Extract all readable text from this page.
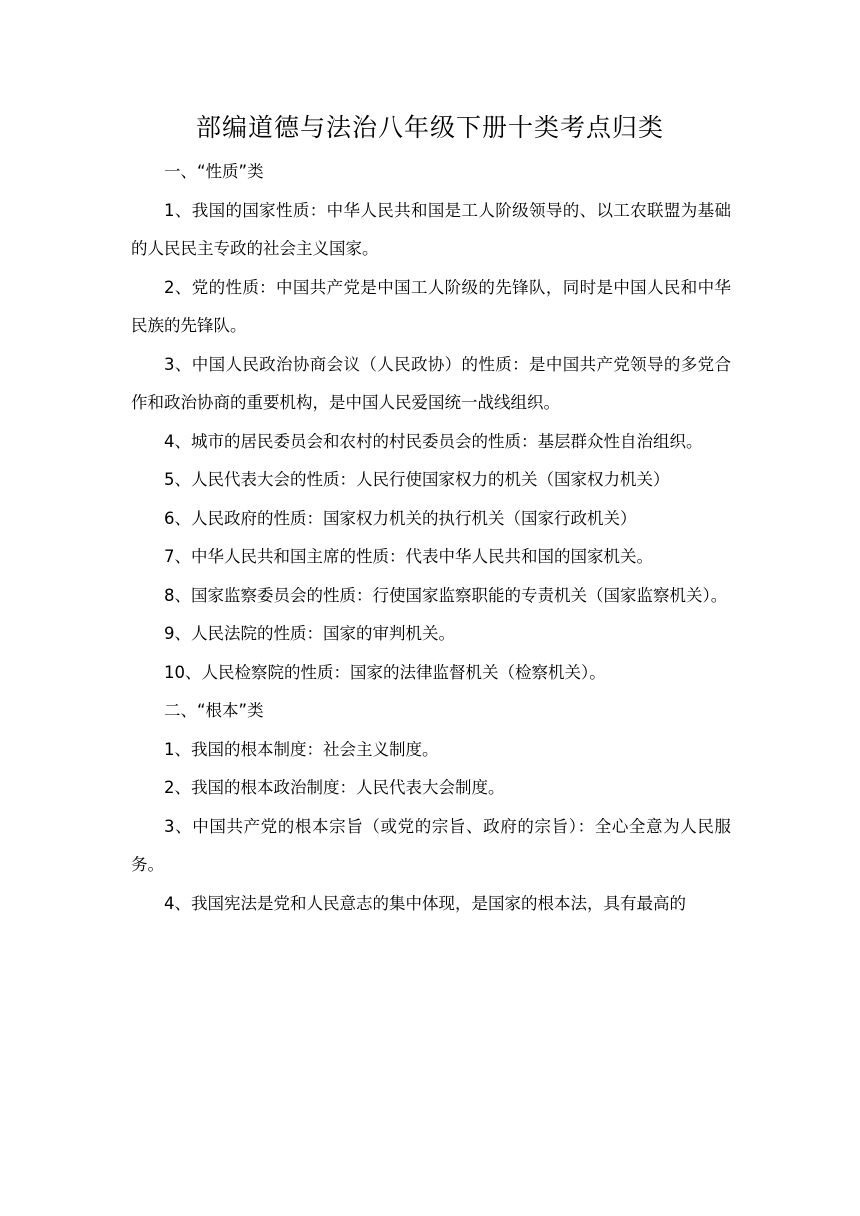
部编道德与法治八年级下册十类考点归类

一、“性质”类

1、我国的国家性质：中华人民共和国是工人阶级领导的、以工农联盟为基础的人民民主专政的社会主义国家。

2、党的性质：中国共产党是中国工人阶级的先锋队，同时是中国人民和中华民族的先锋队。

3、中国人民政治协商会议（人民政协）的性质：是中国共产党领导的多党合作和政治协商的重要机构，是中国人民爱国统一战线组织。

4、城市的居民委员会和农村的村民委员会的性质：基层群众性自治组织。

5、人民代表大会的性质：人民行使国家权力的机关（国家权力机关）

6、人民政府的性质：国家权力机关的执行机关（国家行政机关）

7、中华人民共和国主席的性质：代表中华人民共和国的国家机关。

8、国家监察委员会的性质：行使国家监察职能的专责机关（国家监察机关）。

9、人民法院的性质：国家的审判机关。

10、人民检察院的性质：国家的法律监督机关（检察机关）。

二、“根本”类

1、我国的根本制度：社会主义制度。

2、我国的根本政治制度：人民代表大会制度。

3、中国共产党的根本宗旨（或党的宗旨、政府的宗旨）：全心全意为人民服务。

4、我国宪法是党和人民意志的集中体现，是国家的根本法，具有最高的
